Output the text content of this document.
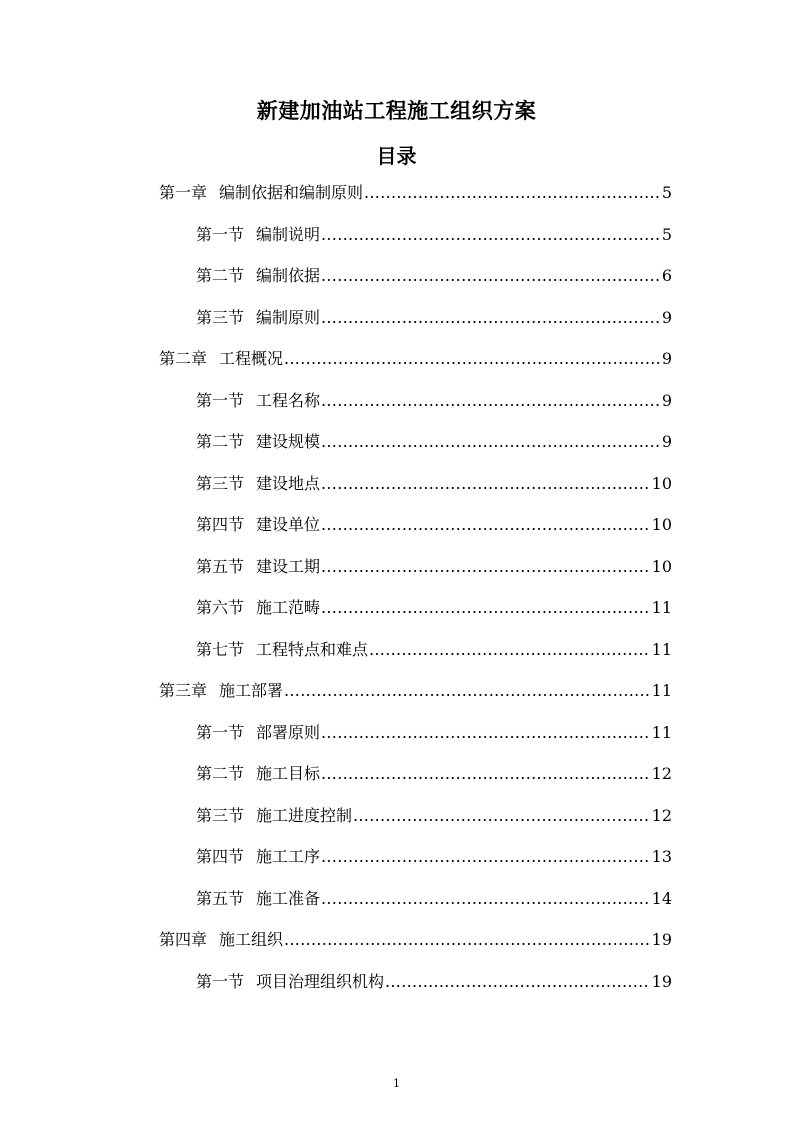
新建加油站工程施工组织方案
目录
第一章 编制依据和编制原则 .....	5
第一节 编制说明 .....	5
第二节 编制依据 .....	6
第三节 编制原则 .....	9
第二章 工程概况 .....	9
第一节 工程名称 .....	9
第二节 建设规模 .....	9
第三节 建设地点 .....	10
第四节 建设单位 .....	10
第五节 建设工期 .....	10
第六节 施工范畴 .....	11
第七节 工程特点和难点 .....	11
第三章 施工部署 .....	11
第一节 部署原则 .....	11
第二节 施工目标 .....	12
第三节 施工进度控制 .....	12
第四节 施工工序 .....	13
第五节 施工准备 .....	14
第四章 施工组织 .....	19
第一节 项目治理组织机构 .....	19
1
